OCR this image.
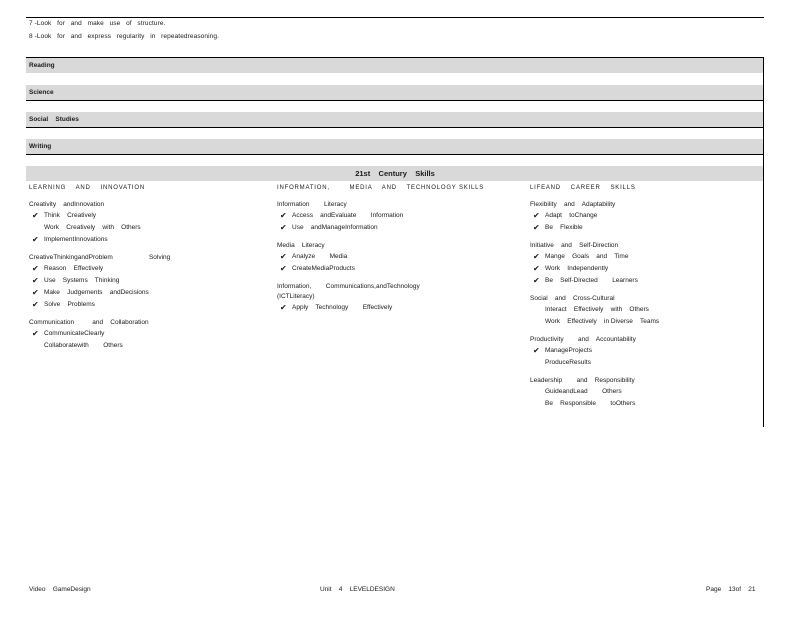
7 -Look   for   and   make   use   of   structure.
8 -Look   for   and   express   regularity   in   repeatedreasoning.
Reading
Science
Social    Studies
Writing
21st    Century    Skills
LEARNING    AND    INNOVATION
Creativity    andInnovation
✔ Think    Creatively
Work    Creatively    with    Others
✔ ImplementInnovations
CreativeThinkingandProblem                    Solving
✔ Reason    Effectively
✔ Use    Systems    Thinking
✔ Make    Judgements    andDecisions
✔ Solve    Problems
Communication          and    Collaboration
✔ CommunicateClearly
Collaboratewith        Others
INFORMATION,        MEDIA    AND    TECHNOLOGY SKILLS
Information        Literacy
✔ Access    andEvaluate        Information
✔ Use    andManageInformation
Media    Literacy
✔ Analyze        Media
✔ CreateMediaProducts
Information,        Communications,andTechnology
(ICTLiteracy)
✔ Apply    Technology        Effectively
LIFEAND    CAREER    SKILLS
Flexibility    and    Adaptability
✔ Adapt    toChange
✔ Be    Flexible
Initiative    and    Self-Direction
✔ Mange    Goals    and    Time
✔ Work    Independently
✔ Be    Self-Directed        Learners
Social    and    Cross-Cultural
Interact    Effectively    with    Others
Work    Effectively    in Diverse    Teams
Productivity        and    Accountability
✔ ManageProjects
ProduceResults
Leadership        and    Responsibility
GuideandLead        Others
Be    Responsible        toOthers
Video    GameDesign	Unit    4    LEVELDESIGN	Page    13of    21
